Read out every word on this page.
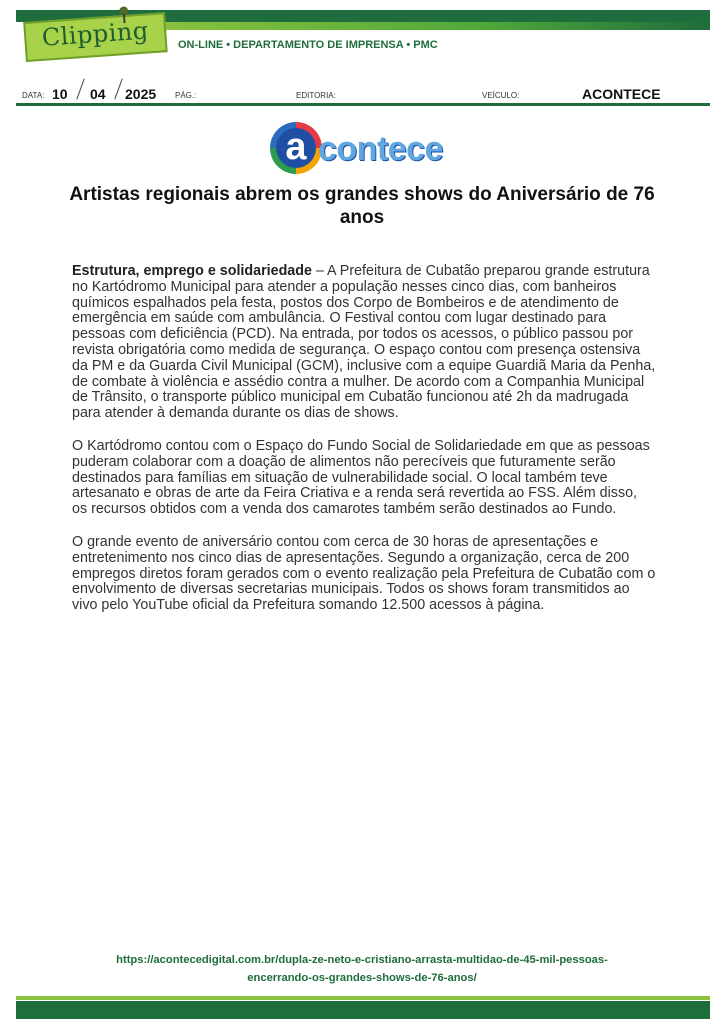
Clipping	ON-LINE • DEPARTAMENTO DE IMPRENSA • PMC
DATA: 10 04 2025 PÁG.:	EDITORIA:	VEÍCULO:	ACONTECE
a contece
Artistas regionais abrem os grandes shows do Aniversário de 76 anos

Estrutura, emprego e solidariedade – A Prefeitura de Cubatão preparou grande estrutura no Kartódromo Municipal para atender a população nesses cinco dias, com banheiros químicos espalhados pela festa, postos dos Corpo de Bombeiros e de atendimento de emergência em saúde com ambulância. O Festival contou com lugar destinado para pessoas com deficiência (PCD). Na entrada, por todos os acessos, o público passou por revista obrigatória como medida de segurança. O espaço contou com presença ostensiva da PM e da Guarda Civil Municipal (GCM), inclusive com a equipe Guardiã Maria da Penha, de combate à violência e assédio contra a mulher. De acordo com a Companhia Municipal de Trânsito, o transporte público municipal em Cubatão funcionou até 2h da madrugada para atender à demanda durante os dias de shows.

O Kartódromo contou com o Espaço do Fundo Social de Solidariedade em que as pessoas puderam colaborar com a doação de alimentos não perecíveis que futuramente serão destinados para famílias em situação de vulnerabilidade social. O local também teve artesanato e obras de arte da Feira Criativa e a renda será revertida ao FSS. Além disso, os recursos obtidos com a venda dos camarotes também serão destinados ao Fundo.

O grande evento de aniversário contou com cerca de 30 horas de apresentações e entretenimento nos cinco dias de apresentações. Segundo a organização, cerca de 200 empregos diretos foram gerados com o evento realização pela Prefeitura de Cubatão com o envolvimento de diversas secretarias municipais. Todos os shows foram transmitidos ao vivo pelo YouTube oficial da Prefeitura somando 12.500 acessos à página.

https://acontecedigital.com.br/dupla-ze-neto-e-cristiano-arrasta-multidao-de-45-mil-pessoas-
encerrando-os-grandes-shows-de-76-anos/
